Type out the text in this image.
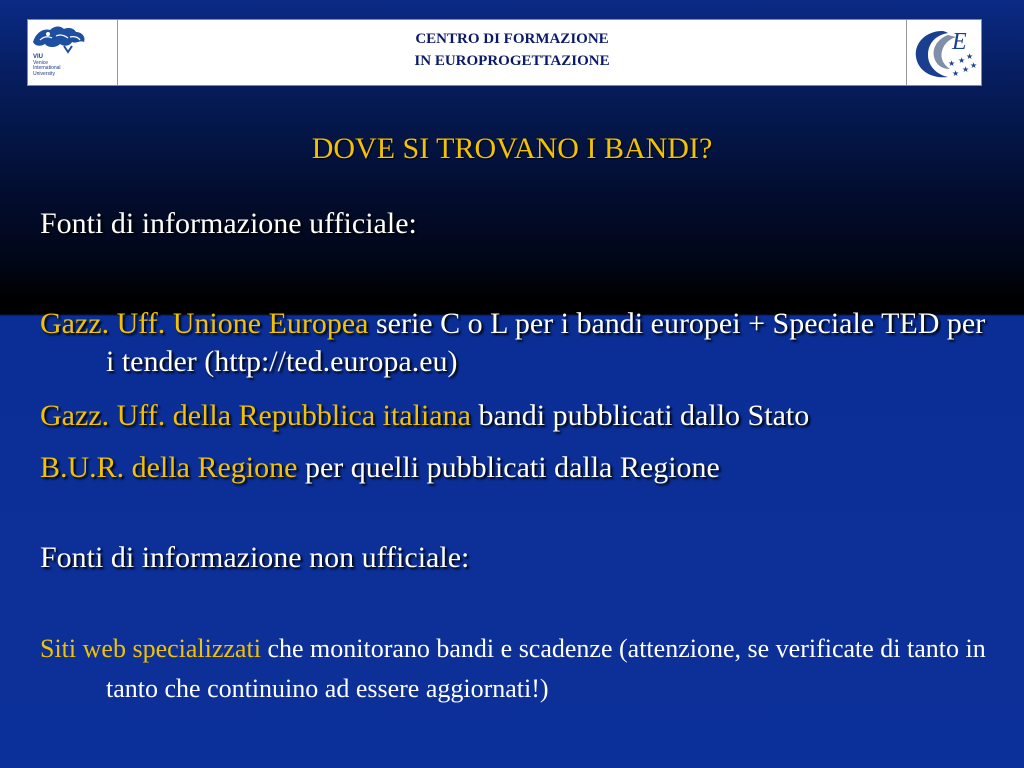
VIU
Venice
International
University
CENTRO DI FORMAZIONE
IN EUROPROGETTAZIONE
E
★ ★ ★
★ ★ ★
DOVE SI TROVANO I BANDI?
Fonti di informazione ufficiale:
Gazz. Uff. Unione Europea serie C o L per i bandi europei + Speciale TED per i tender (http://ted.europa.eu)
Gazz. Uff. della Repubblica italiana bandi pubblicati dallo Stato
B.U.R. della Regione per quelli pubblicati dalla Regione
Fonti di informazione non ufficiale:
Siti web specializzati che monitorano bandi e scadenze (attenzione, se verificate di tanto in tanto che continuino ad essere aggiornati!)
